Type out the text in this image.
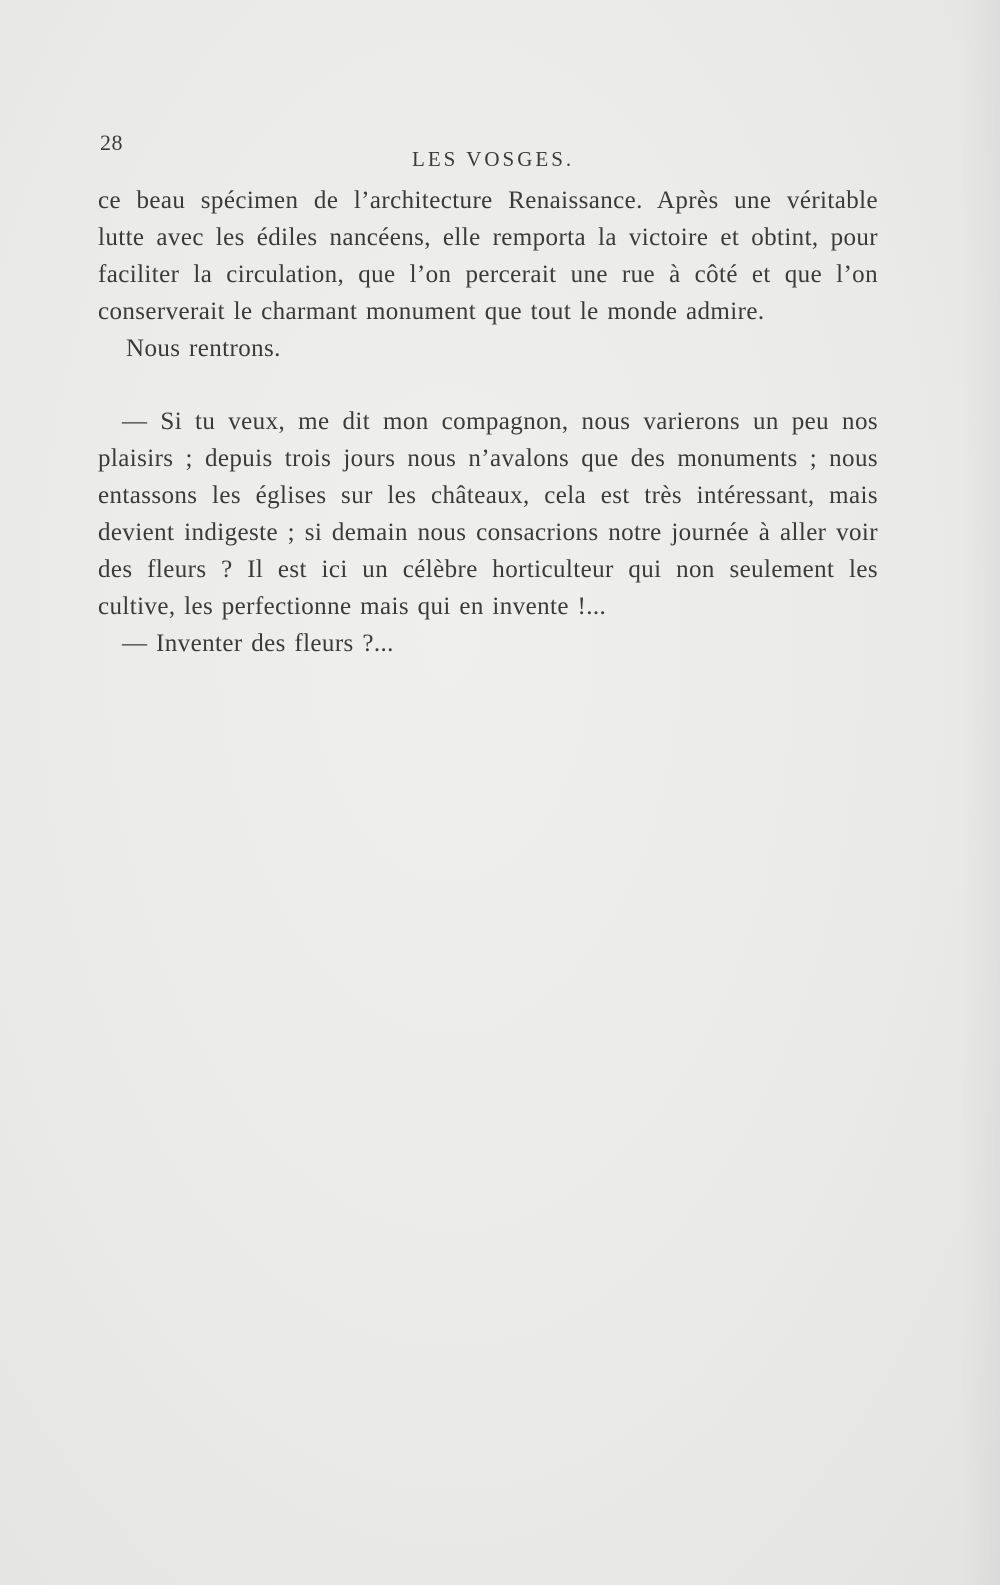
28
LES VOSGES.

ce beau spécimen de l’architecture Renaissance. Après une véritable lutte avec les édiles nancéens, elle remporta la victoire et obtint, pour faciliter la circulation, que l’on percerait une rue à côté et que l’on conserverait le charmant monument que tout le monde admire.

Nous rentrons.

— Si tu veux, me dit mon compagnon, nous varierons un peu nos plaisirs ; depuis trois jours nous n’avalons que des monuments ; nous entassons les églises sur les châteaux, cela est très intéressant, mais devient indigeste ; si demain nous consacrions notre journée à aller voir des fleurs ? Il est ici un célèbre horticulteur qui non seulement les cultive, les perfectionne mais qui en invente !...

— Inventer des fleurs ?...
